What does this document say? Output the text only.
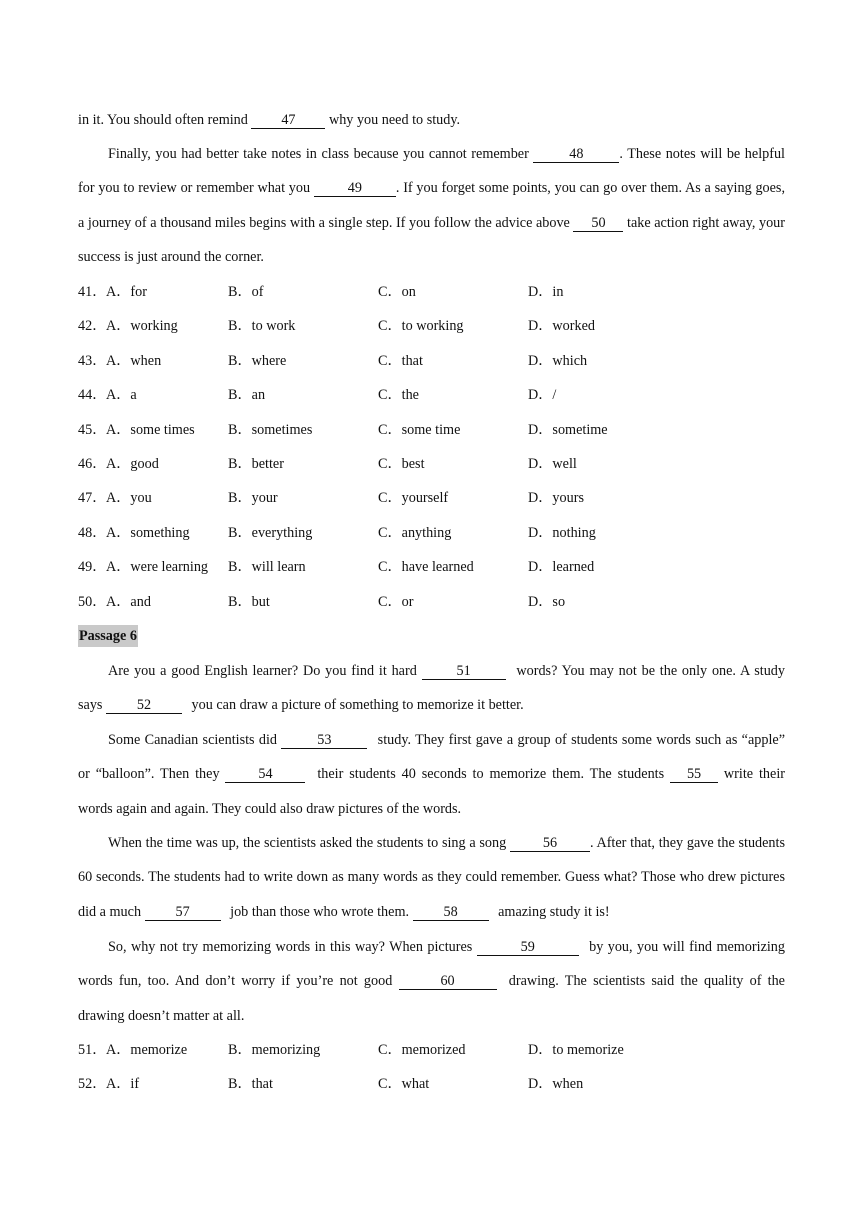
in it. You should often remind 47 why you need to study.

Finally, you had better take notes in class because you cannot remember	48	. These notes will be helpful for you to review or remember what you 49 . If you forget some points, you can go over them. As a saying goes, a journey of a thousand miles begins with a single step. If you follow the advice above 50 take action right away, your success is just around the corner.

41． A．for	B．of	C．on	D．in
42． A．working	B．to work	C．to working	D．worked
43． A．when	B．where	C．that	D．which
44． A．a	B．an	C．the	D．/
45． A．some times B．sometimes	C．some time	D．sometime
46． A．good	B．better	C．best	D．well
47． A．you	B．your	C．yourself	D．yours
48． A．something	B．everything	C．anything	D．nothing
49． A．were learning B．will learn	C．have learned	D．learned
50． A．and	B．but	C．or	D．so
Passage 6

Are you a good English learner? Do you find it hard 51	words? You may not be the only one. A study says 52	you can draw a picture of something to memorize it better.

Some Canadian scientists did	53	study. They first gave a group of students some words such as “apple” or “balloon”. Then they 54	their students 40 seconds to memorize them. The students 55 write their words again and again. They could also draw pictures of the words.

When the time was up, the scientists asked the students to sing a song 56 . After that, they gave the students 60 seconds. The students had to write down as many words as they could remember. Guess what? Those who drew pictures did a much 57	job than those who wrote them. 58	amazing study it is!

So, why not try memorizing words in this way? When pictures	59	by you, you will find memorizing words fun, too. And don’t worry if you’re not good	60	drawing. The scientists said the quality of the drawing doesn’t matter at all.

51． A．memorize	B．memorizing	C．memorized	D．to memorize
52． A．if	B．that	C．what	D．when
